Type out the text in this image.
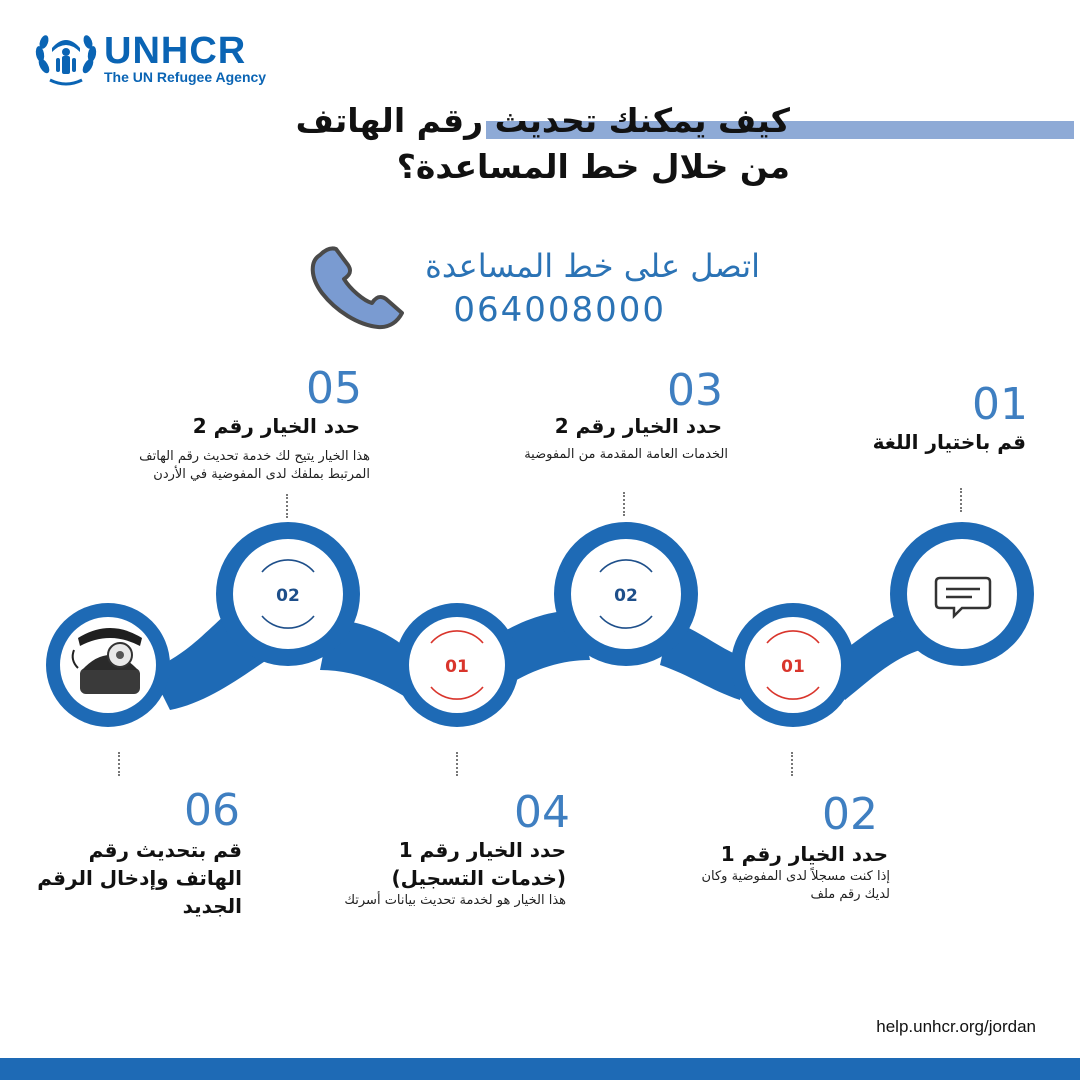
UNHCR
The UN Refugee Agency
كيف يمكنك تحديث رقم الهاتف
من خلال خط المساعدة؟
اتصل على خط المساعدة
064008000
02
01
02
01
01
قم باختيار اللغة
03
حدد الخيار رقم 2
الخدمات العامة المقدمة من المفوضية
05
حدد الخيار رقم 2
هذا الخيار يتيح لك خدمة تحديث رقم الهاتف المرتبط بملفك لدى المفوضية في الأردن
02
حدد الخيار رقم 1
إذا كنت مسجلاً لدى المفوضية وكان لديك رقم ملف
04
حدد الخيار رقم 1 (خدمات التسجيل)
هذا الخيار هو لخدمة تحديث بيانات أسرتك
06
قم بتحديث رقم الهاتف وإدخال الرقم الجديد
help.unhcr.org/jordan
